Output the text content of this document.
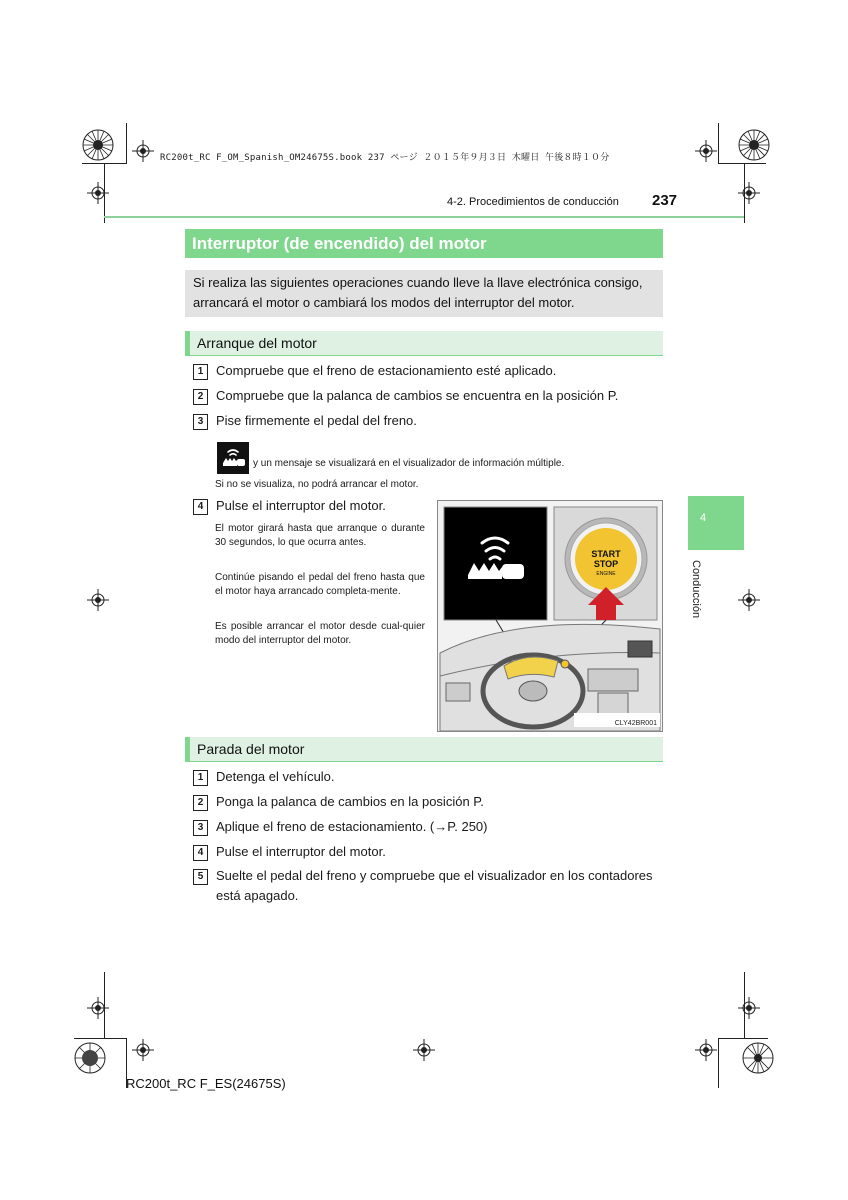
RC200t_RC F_OM_Spanish_OM24675S.book 237 ページ ２０１５年９月３日 木曜日 午後８時１０分
4-2. Procedimientos de conducción 237
Interruptor (de encendido) del motor
Si realiza las siguientes operaciones cuando lleve la llave electrónica consigo, arrancará el motor o cambiará los modos del interruptor del motor.
Arranque del motor
1 Compruebe que el freno de estacionamiento esté aplicado.
2 Compruebe que la palanca de cambios se encuentra en la posición P.
3 Pise firmemente el pedal del freno.
y un mensaje se visualizará en el visualizador de información múltiple.
Si no se visualiza, no podrá arrancar el motor.
4 Pulse el interruptor del motor.
El motor girará hasta que arranque o durante 30 segundos, lo que ocurra antes.
Continúe pisando el pedal del freno hasta que el motor haya arrancado completa-mente.
Es posible arrancar el motor desde cual-quier modo del interruptor del motor.
START
STOP
ENGINE
CLY42BR001
Parada del motor
1 Detenga el vehículo.
2 Ponga la palanca de cambios en la posición P.
3 Aplique el freno de estacionamiento. (→P. 250)
4 Pulse el interruptor del motor.
5 Suelte el pedal del freno y compruebe que el visualizador en los contadores está apagado.
4
Conducción
RC200t_RC F_ES(24675S)
